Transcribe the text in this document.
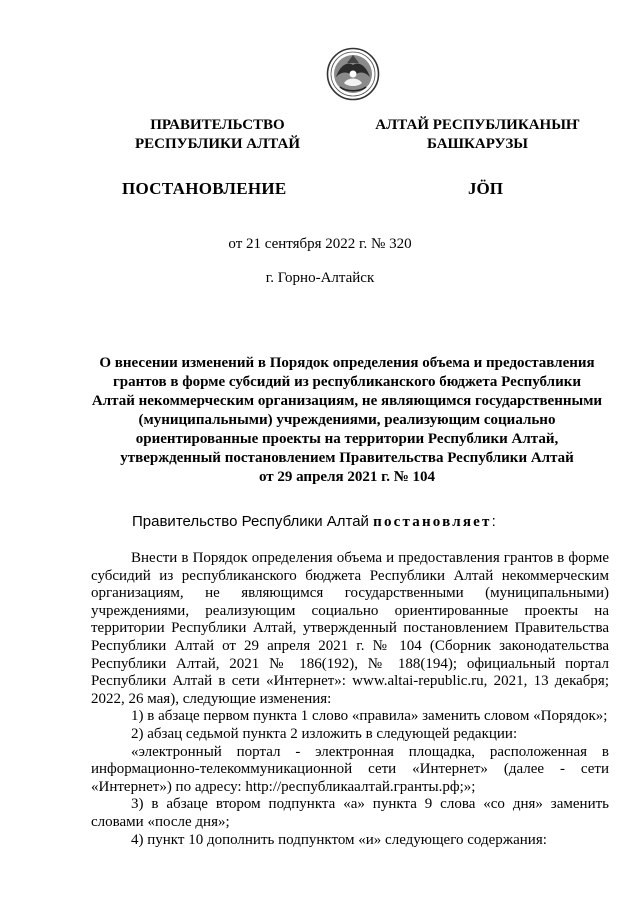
ПРАВИТЕЛЬСТВО
РЕСПУБЛИКИ АЛТАЙ
АЛТАЙ РЕСПУБЛИКАНЫҤ
БАШКАРУЗЫ
ПОСТАНОВЛЕНИЕ	JÖП
от 21 сентября 2022 г. № 320
г. Горно-Алтайск
О внесении изменений в Порядок определения объема и предоставления
грантов в форме субсидий из республиканского бюджета Республики
Алтай некоммерческим организациям, не являющимся государственными
(муниципальными) учреждениями, реализующим социально
ориентированные проекты на территории Республики Алтай,
утвержденный постановлением Правительства Республики Алтай
от 29 апреля 2021 г. № 104
Правительство Республики Алтай постановляет:

Внести в Порядок определения объема и предоставления грантов в форме субсидий из республиканского бюджета Республики Алтай некоммерческим организациям, не являющимся государственными (муниципальными) учреждениями, реализующим социально ориентированные проекты на территории Республики Алтай, утвержденный постановлением Правительства Республики Алтай от 29 апреля 2021 г. № 104 (Сборник законодательства Республики Алтай, 2021 № 186(192), № 188(194); официальный портал Республики Алтай в сети «Интернет»: www.altai-republic.ru, 2021, 13 декабря; 2022, 26 мая), следующие изменения:

1) в абзаце первом пункта 1 слово «правила» заменить словом «Порядок»;

2) абзац седьмой пункта 2 изложить в следующей редакции:

«электронный портал - электронная площадка, расположенная в информационно-телекоммуникационной сети «Интернет» (далее - сети «Интернет») по адресу: http://республикаалтай.гранты.рф;»;

3) в абзаце втором подпункта «а» пункта 9 слова «со дня» заменить словами «после дня»;

4) пункт 10 дополнить подпунктом «и» следующего содержания:
